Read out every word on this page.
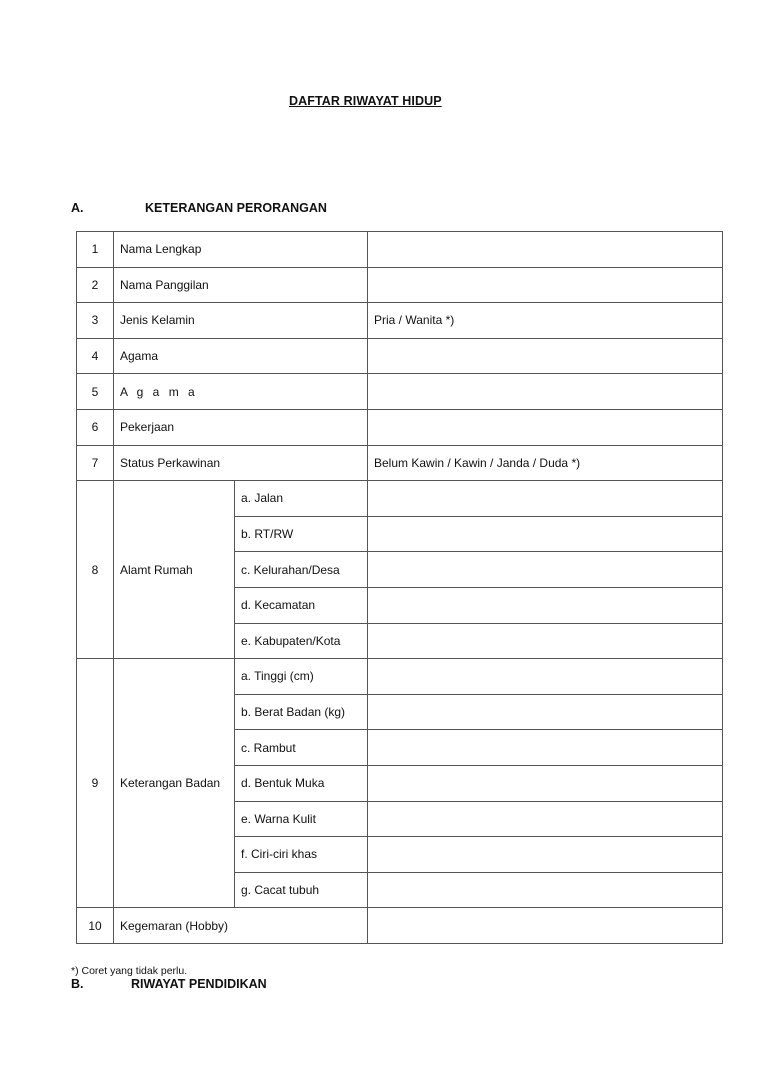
DAFTAR RIWAYAT HIDUP
A.	KETERANGAN PERORANGAN
1	Nama Lengkap		
2	Nama Panggilan		
3	Jenis Kelamin		Pria / Wanita *)
4	Agama		
5	A g a m a		
6	Pekerjaan		
7	Status Perkawinan		Belum Kawin / Kawin / Janda / Duda *)
8	Alamt Rumah	a. Jalan	
		b. RT/RW	
		c. Kelurahan/Desa	
		d. Kecamatan	
		e. Kabupaten/Kota	
9	Keterangan Badan	a. Tinggi (cm)	
		b. Berat Badan (kg)	
		c. Rambut	
		d. Bentuk Muka	
		e. Warna Kulit	
		f. Ciri-ciri khas	
		g. Cacat tubuh	
10	Kegemaran (Hobby)		
*) Coret yang tidak perlu.
B.	RIWAYAT PENDIDIKAN
